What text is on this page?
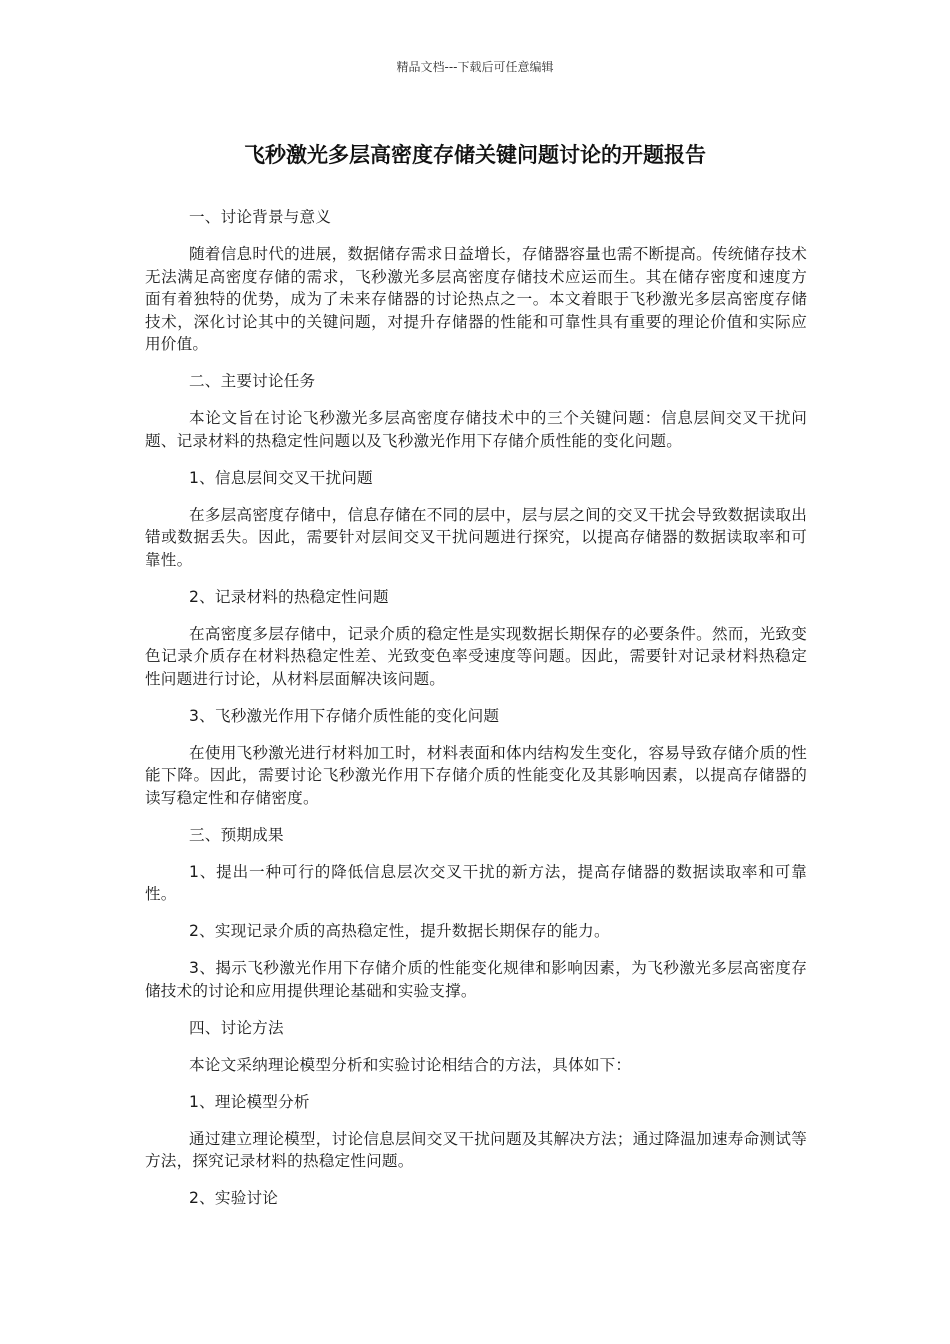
精品文档---下载后可任意编辑
飞秒激光多层高密度存储关键问题讨论的开题报告

一、讨论背景与意义

随着信息时代的进展，数据储存需求日益增长，存储器容量也需不断提高。传统储存技术无法满足高密度存储的需求，飞秒激光多层高密度存储技术应运而生。其在储存密度和速度方面有着独特的优势，成为了未来存储器的讨论热点之一。本文着眼于飞秒激光多层高密度存储技术，深化讨论其中的关键问题，对提升存储器的性能和可靠性具有重要的理论价值和实际应用价值。

二、主要讨论任务

本论文旨在讨论飞秒激光多层高密度存储技术中的三个关键问题：信息层间交叉干扰问题、记录材料的热稳定性问题以及飞秒激光作用下存储介质性能的变化问题。

1、信息层间交叉干扰问题

在多层高密度存储中，信息存储在不同的层中，层与层之间的交叉干扰会导致数据读取出错或数据丢失。因此，需要针对层间交叉干扰问题进行探究，以提高存储器的数据读取率和可靠性。

2、记录材料的热稳定性问题

在高密度多层存储中，记录介质的稳定性是实现数据长期保存的必要条件。然而，光致变色记录介质存在材料热稳定性差、光致变色率受速度等问题。因此，需要针对记录材料热稳定性问题进行讨论，从材料层面解决该问题。

3、飞秒激光作用下存储介质性能的变化问题

在使用飞秒激光进行材料加工时，材料表面和体内结构发生变化，容易导致存储介质的性能下降。因此，需要讨论飞秒激光作用下存储介质的性能变化及其影响因素，以提高存储器的读写稳定性和存储密度。

三、预期成果

1、提出一种可行的降低信息层次交叉干扰的新方法，提高存储器的数据读取率和可靠性。

2、实现记录介质的高热稳定性，提升数据长期保存的能力。

3、揭示飞秒激光作用下存储介质的性能变化规律和影响因素，为飞秒激光多层高密度存储技术的讨论和应用提供理论基础和实验支撑。

四、讨论方法

本论文采纳理论模型分析和实验讨论相结合的方法，具体如下：

1、理论模型分析

通过建立理论模型，讨论信息层间交叉干扰问题及其解决方法；通过降温加速寿命测试等方法，探究记录材料的热稳定性问题。

2、实验讨论
